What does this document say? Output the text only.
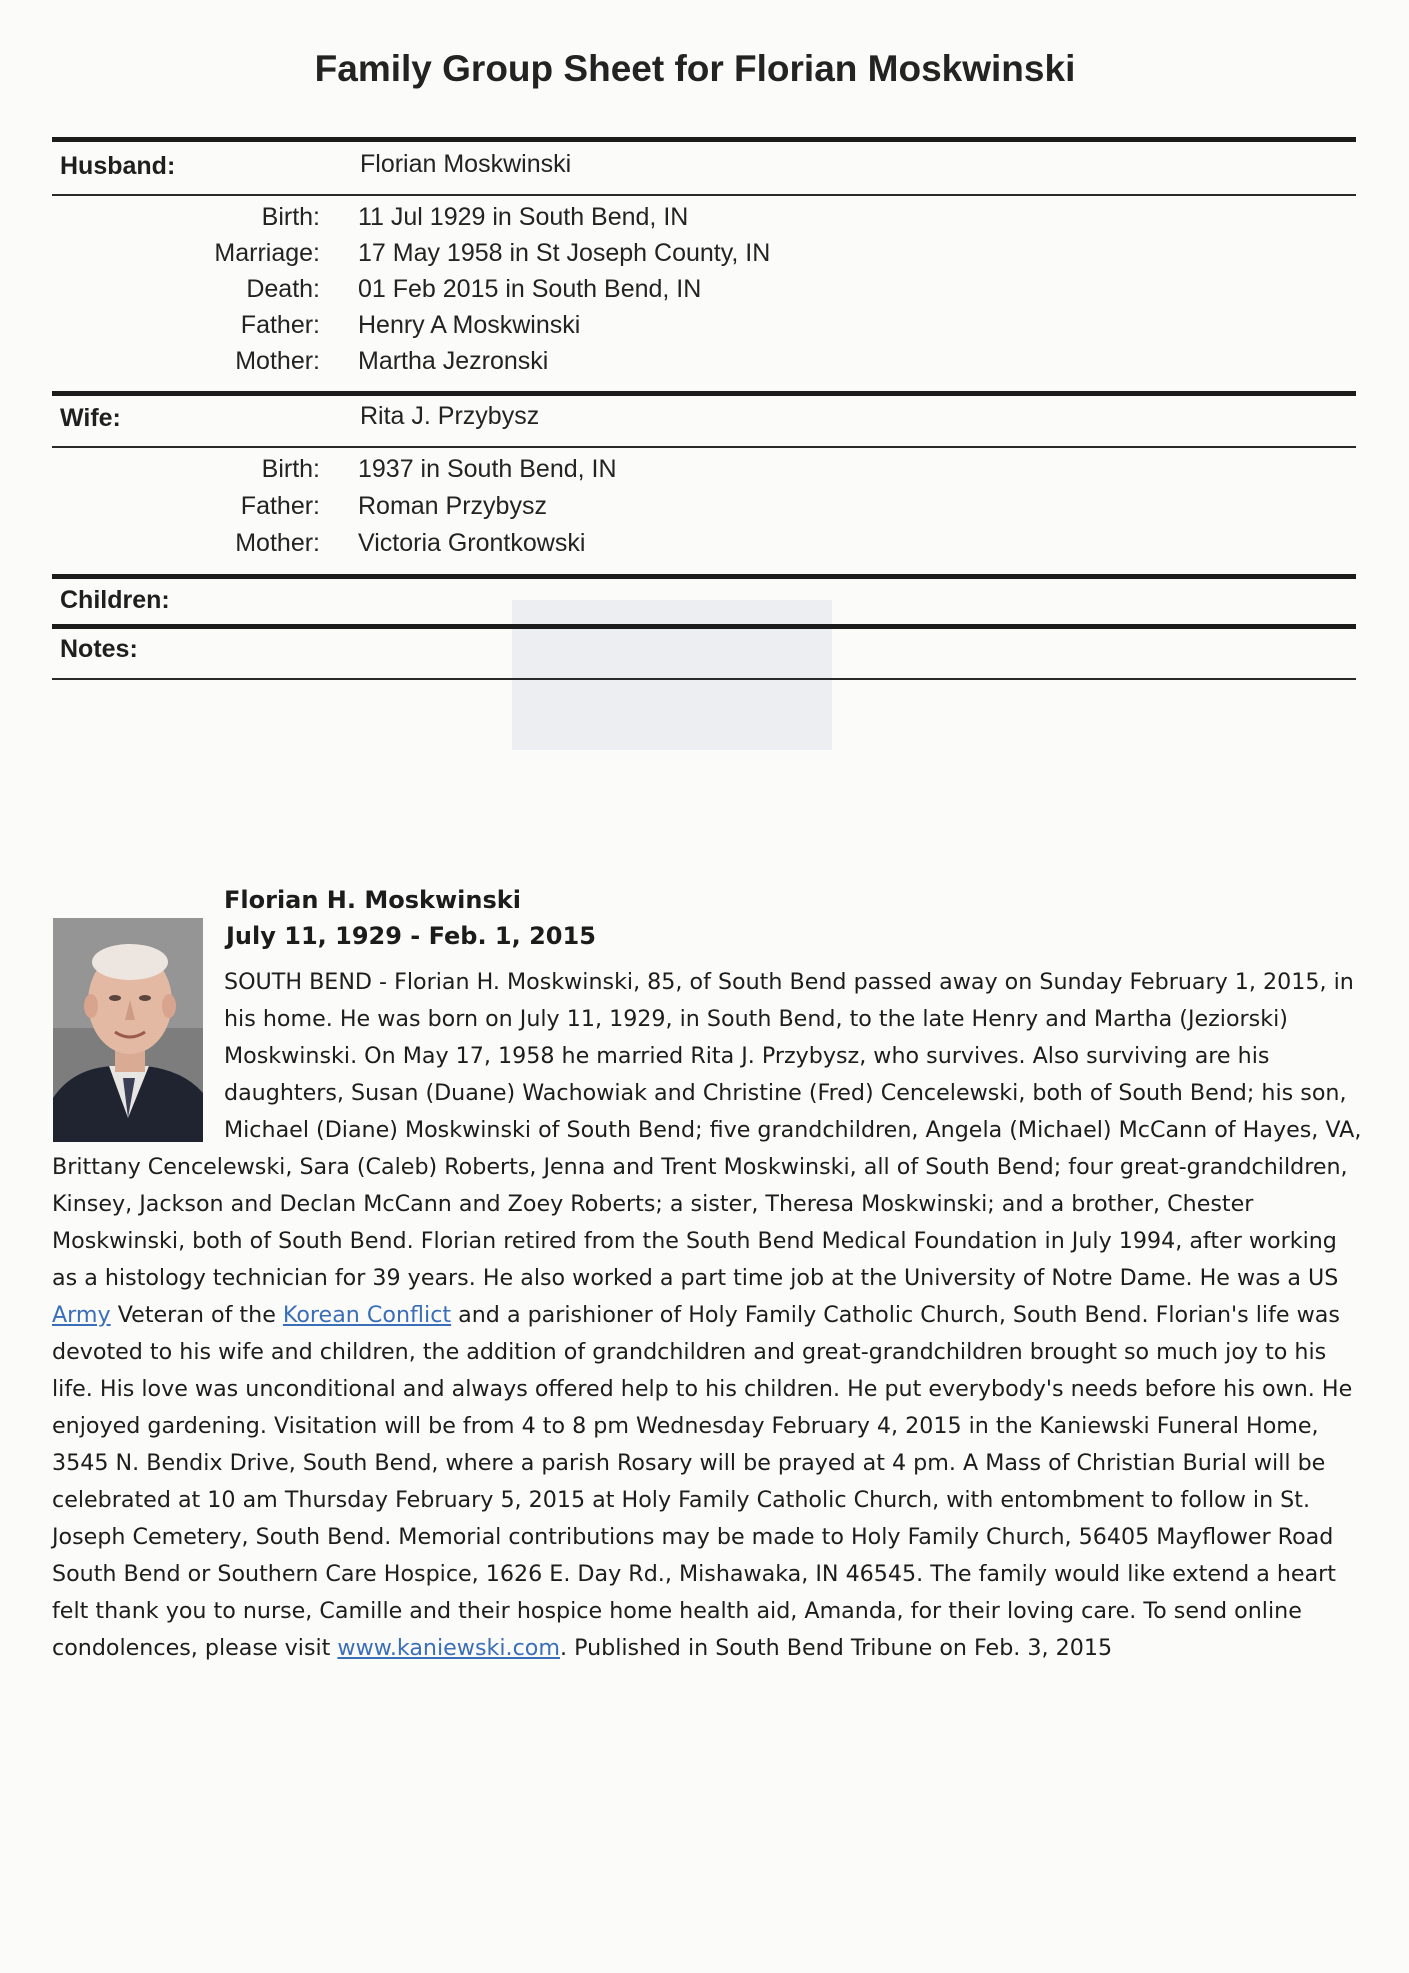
Family Group Sheet for Florian Moskwinski
Husband:	Florian Moskwinski
Birth: 11 Jul 1929 in South Bend, IN
Marriage: 17 May 1958 in St Joseph County, IN
Death: 01 Feb 2015 in South Bend, IN
Father: Henry A Moskwinski
Mother: Martha Jezronski
Wife:	Rita J. Przybysz
Birth: 1937 in South Bend, IN
Father: Roman Przybysz
Mother: Victoria Grontkowski
Children:
Notes:
Florian H. Moskwinski
July 11, 1929 - Feb. 1, 2015

SOUTH BEND - Florian H. Moskwinski, 85, of South Bend passed away on Sunday February 1, 2015, in his home. He was born on July 11, 1929, in South Bend, to the late Henry and Martha (Jeziorski) Moskwinski. On May 17, 1958 he married Rita J. Przybysz, who survives. Also surviving are his daughters, Susan (Duane) Wachowiak and Christine (Fred) Cencelewski, both of South Bend; his son, Michael (Diane) Moskwinski of South Bend; five grandchildren, Angela (Michael) McCann of Hayes, VA, Brittany Cencelewski, Sara (Caleb) Roberts, Jenna and Trent Moskwinski, all of South Bend; four great-grandchildren, Kinsey, Jackson and Declan McCann and Zoey Roberts; a sister, Theresa Moskwinski; and a brother, Chester Moskwinski, both of South Bend. Florian retired from the South Bend Medical Foundation in July 1994, after working as a histology technician for 39 years. He also worked a part time job at the University of Notre Dame. He was a US Army Veteran of the Korean Conflict and a parishioner of Holy Family Catholic Church, South Bend. Florian's life was devoted to his wife and children, the addition of grandchildren and great-grandchildren brought so much joy to his life. His love was unconditional and always offered help to his children. He put everybody's needs before his own. He enjoyed gardening. Visitation will be from 4 to 8 pm Wednesday February 4, 2015 in the Kaniewski Funeral Home, 3545 N. Bendix Drive, South Bend, where a parish Rosary will be prayed at 4 pm. A Mass of Christian Burial will be celebrated at 10 am Thursday February 5, 2015 at Holy Family Catholic Church, with entombment to follow in St. Joseph Cemetery, South Bend. Memorial contributions may be made to Holy Family Church, 56405 Mayflower Road South Bend or Southern Care Hospice, 1626 E. Day Rd., Mishawaka, IN 46545. The family would like extend a heart felt thank you to nurse, Camille and their hospice home health aid, Amanda, for their loving care. To send online condolences, please visit www.kaniewski.com. Published in South Bend Tribune on Feb. 3, 2015
